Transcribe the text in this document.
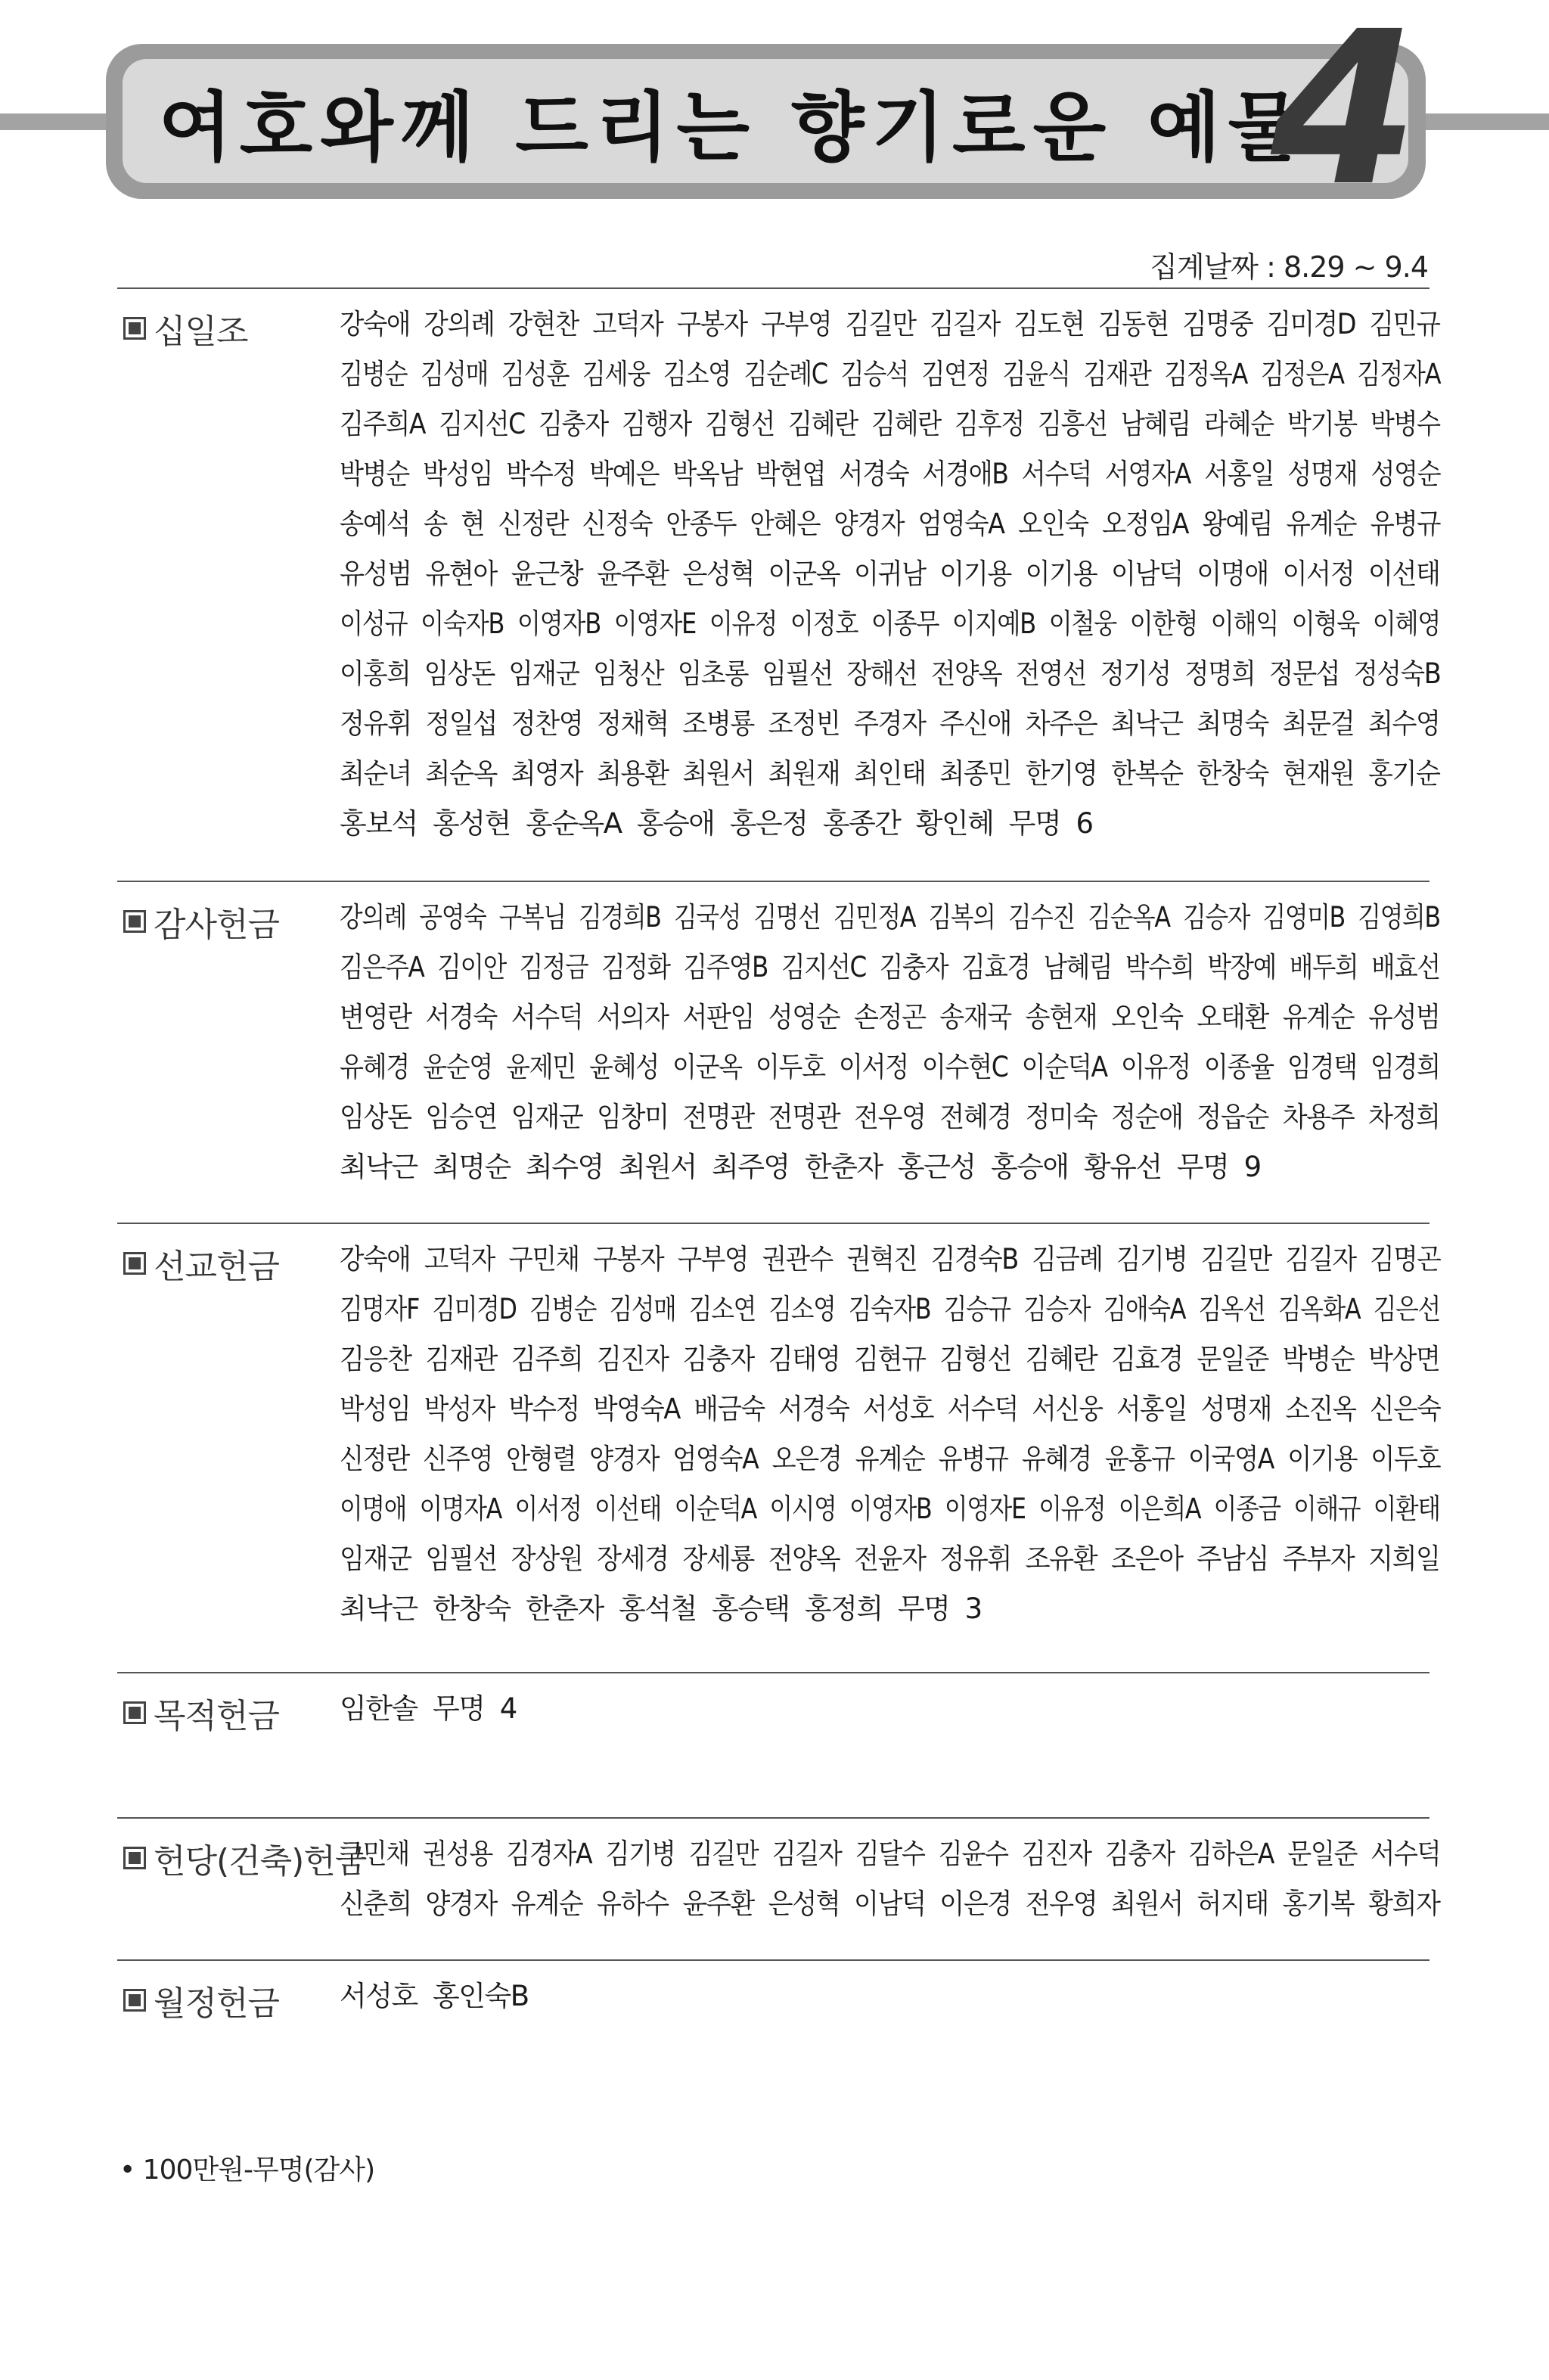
여호와께 드리는 향기로운 예물
4
집계날짜 : 8.29 ~ 9.4
십일조	강숙애 강의례 강현찬 고덕자 구봉자 구부영 김길만 김길자 김도현 김동현 김명중 김미경D 김민규
김병순 김성매 김성훈 김세웅 김소영 김순례C 김승석 김연정 김윤식 김재관 김정옥A 김정은A 김정자A
김주희A 김지선C 김충자 김행자 김형선 김혜란 김혜란 김후정 김흥선 남혜림 라혜순 박기봉 박병수
박병순 박성임 박수정 박예은 박옥남 박현엽 서경숙 서경애B 서수덕 서영자A 서홍일 성명재 성영순
송예석 송 현 신정란 신정숙 안종두 안혜은 양경자 엄영숙A 오인숙 오정임A 왕예림 유계순 유병규
유성범 유현아 윤근창 윤주환 은성혁 이군옥 이귀남 이기용 이기용 이남덕 이명애 이서정 이선태
이성규 이숙자B 이영자B 이영자E 이유정 이정호 이종무 이지예B 이철웅 이한형 이해익 이형욱 이혜영
이홍희 임상돈 임재군 임청산 임초롱 임필선 장해선 전양옥 전영선 정기성 정명희 정문섭 정성숙B
정유휘 정일섭 정찬영 정채혁 조병룡 조정빈 주경자 주신애 차주은 최낙근 최명숙 최문걸 최수영
최순녀 최순옥 최영자 최용환 최원서 최원재 최인태 최종민 한기영 한복순 한창숙 현재원 홍기순
홍보석 홍성현 홍순옥A 홍승애 홍은정 홍종간 황인혜 무명 6
감사헌금 강의례 공영숙 구복님 김경희B 김국성 김명선 김민정A 김복의 김수진 김순옥A 김승자 김영미B 김영희B
김은주A 김이안 김정금 김정화 김주영B 김지선C 김충자 김효경 남혜림 박수희 박장예 배두희 배효선
변영란 서경숙 서수덕 서의자 서판임 성영순 손정곤 송재국 송현재 오인숙 오태환 유계순 유성범
유혜경 윤순영 윤제민 윤혜성 이군옥 이두호 이서정 이수현C 이순덕A 이유정 이종율 임경택 임경희
임상돈 임승연 임재군 임창미 전명관 전명관 전우영 전혜경 정미숙 정순애 정읍순 차용주 차정희
최낙근 최명순 최수영 최원서 최주영 한춘자 홍근성 홍승애 황유선 무명 9
선교헌금 강숙애 고덕자 구민채 구봉자 구부영 권관수 권혁진 김경숙B 김금례 김기병 김길만 김길자 김명곤
김명자F 김미경D 김병순 김성매 김소연 김소영 김숙자B 김승규 김승자 김애숙A 김옥선 김옥화A 김은선
김응찬 김재관 김주희 김진자 김충자 김태영 김현규 김형선 김혜란 김효경 문일준 박병순 박상면
박성임 박성자 박수정 박영숙A 배금숙 서경숙 서성호 서수덕 서신웅 서홍일 성명재 소진옥 신은숙
신정란 신주영 안형렬 양경자 엄영숙A 오은경 유계순 유병규 유혜경 윤홍규 이국영A 이기용 이두호
이명애 이명자A 이서정 이선태 이순덕A 이시영 이영자B 이영자E 이유정 이은희A 이종금 이해규 이환태
임재군 임필선 장상원 장세경 장세룡 전양옥 전윤자 정유휘 조유환 조은아 주남심 주부자 지희일
최낙근 한창숙 한춘자 홍석철 홍승택 홍정희 무명 3
목적헌금 임한솔 무명 4
헌당(건축)헌금
구민채 권성용 김경자A 김기병 김길만 김길자 김달수 김윤수 김진자 김충자 김하은A 문일준 서수덕
신춘희 양경자 유계순 유하수 윤주환 은성혁 이남덕 이은경 전우영 최원서 허지태 홍기복 황희자
월정헌금 서성호 홍인숙B
• 100만원-무명(감사)
